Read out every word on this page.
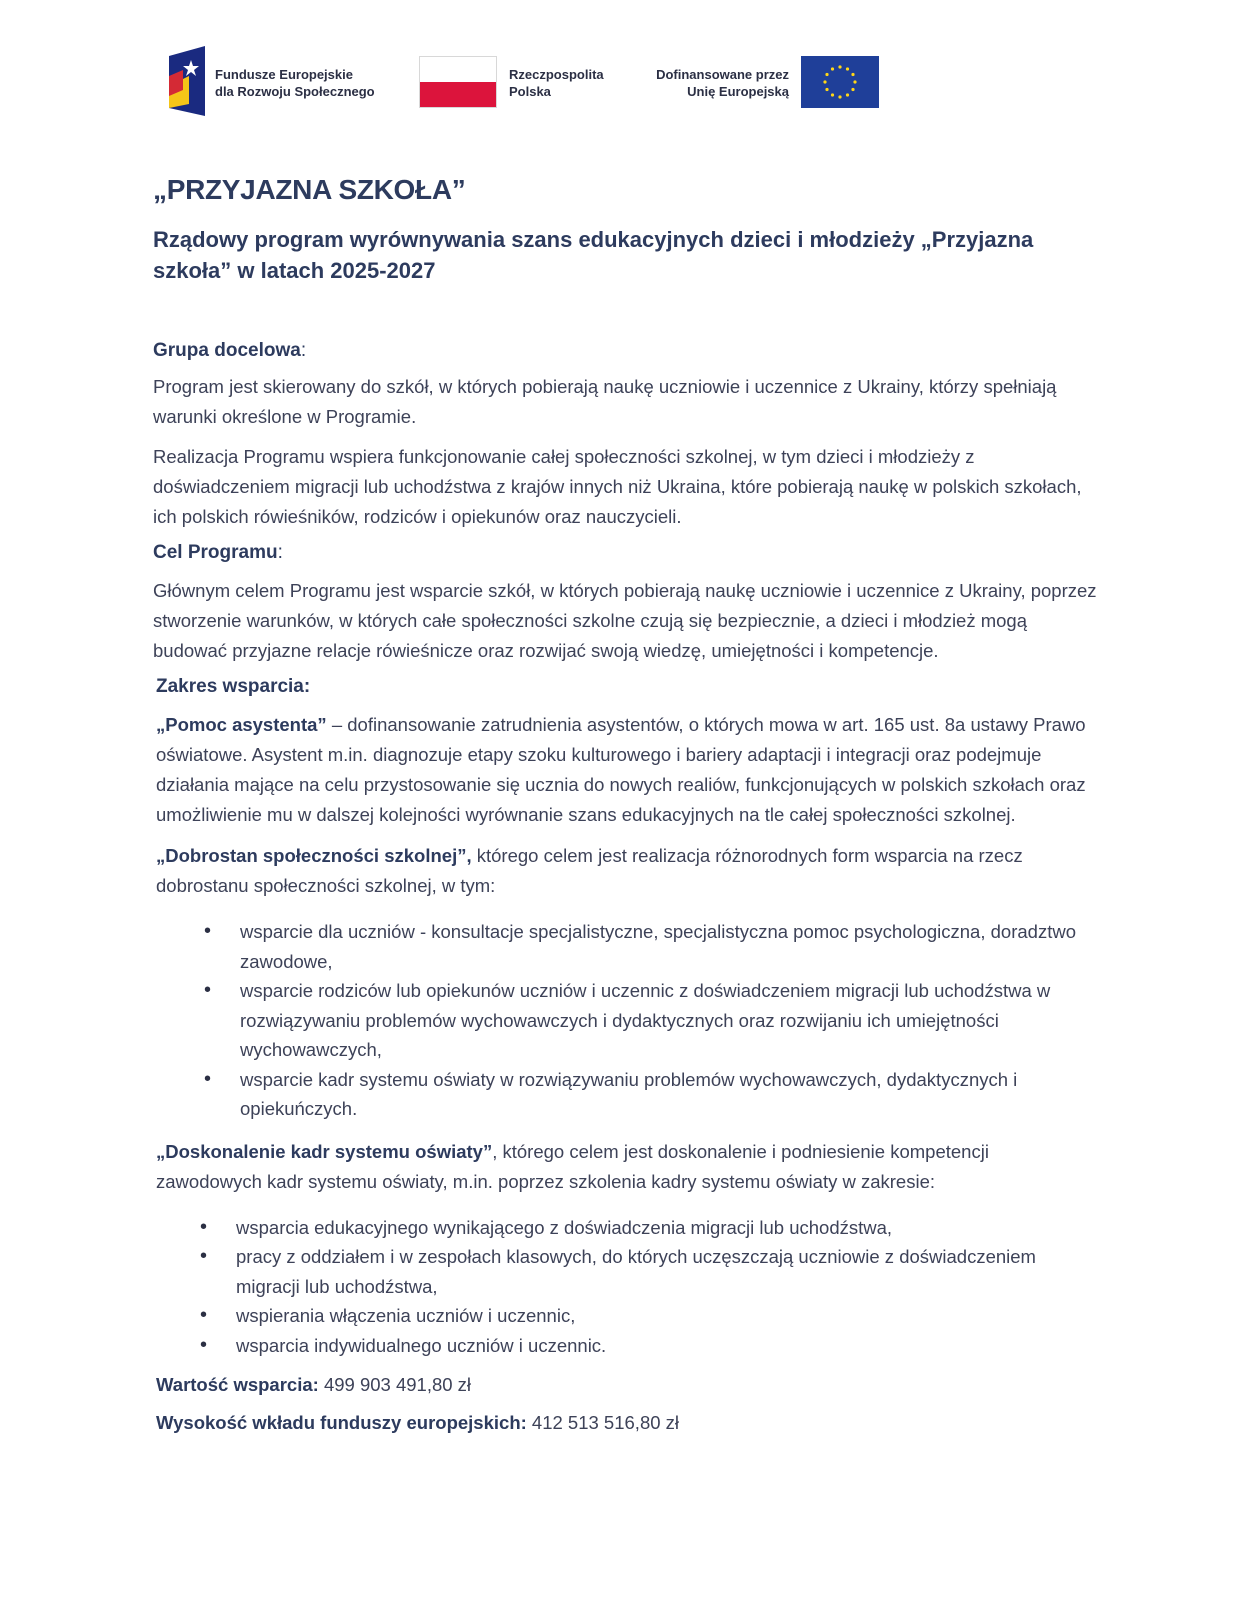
Fundusze Europejskie
dla Rozwoju Społecznego
Rzeczpospolita
Polska
Dofinansowane przez
Unię Europejską
„PRZYJAZNA SZKOŁA”

Rządowy program wyrównywania szans edukacyjnych dzieci i młodzieży „Przyjazna szkoła” w latach 2025-2027

Grupa docelowa:

Program jest skierowany do szkół, w których pobierają naukę uczniowie i uczennice z Ukrainy, którzy spełniają warunki określone w Programie.

Realizacja Programu wspiera funkcjonowanie całej społeczności szkolnej, w tym dzieci i młodzieży z doświadczeniem migracji lub uchodźstwa z krajów innych niż Ukraina, które pobierają naukę w polskich szkołach, ich polskich rówieśników, rodziców i opiekunów oraz nauczycieli.

Cel Programu:

Głównym celem Programu jest wsparcie szkół, w których pobierają naukę uczniowie i uczennice z Ukrainy, poprzez stworzenie warunków, w których całe społeczności szkolne czują się bezpiecznie, a dzieci i młodzież mogą budować przyjazne relacje rówieśnicze oraz rozwijać swoją wiedzę, umiejętności i kompetencje.

Zakres wsparcia:

„Pomoc asystenta” – dofinansowanie zatrudnienia asystentów, o których mowa w art. 165 ust. 8a ustawy Prawo oświatowe. Asystent m.in. diagnozuje etapy szoku kulturowego i bariery adaptacji i integracji oraz podejmuje działania mające na celu przystosowanie się ucznia do nowych realiów, funkcjonujących w polskich szkołach oraz umożliwienie mu w dalszej kolejności wyrównanie szans edukacyjnych na tle całej społeczności szkolnej.

„Dobrostan społeczności szkolnej”, którego celem jest realizacja różnorodnych form wsparcia na rzecz dobrostanu społeczności szkolnej, w tym:

• wsparcie dla uczniów - konsultacje specjalistyczne, specjalistyczna pomoc psychologiczna, doradztwo zawodowe,
• wsparcie rodziców lub opiekunów uczniów i uczennic z doświadczeniem migracji lub uchodźstwa w rozwiązywaniu problemów wychowawczych i dydaktycznych oraz rozwijaniu ich umiejętności wychowawczych,
• wsparcie kadr systemu oświaty w rozwiązywaniu problemów wychowawczych, dydaktycznych i opiekuńczych.

„Doskonalenie kadr systemu oświaty”, którego celem jest doskonalenie i podniesienie kompetencji zawodowych kadr systemu oświaty, m.in. poprzez szkolenia kadry systemu oświaty w zakresie:

• wsparcia edukacyjnego wynikającego z doświadczenia migracji lub uchodźstwa,
• pracy z oddziałem i w zespołach klasowych, do których uczęszczają uczniowie z doświadczeniem migracji lub uchodźstwa,
• wspierania włączenia uczniów i uczennic,
• wsparcia indywidualnego uczniów i uczennic.

Wartość wsparcia: 499 903 491,80 zł

Wysokość wkładu funduszy europejskich: 412 513 516,80 zł
